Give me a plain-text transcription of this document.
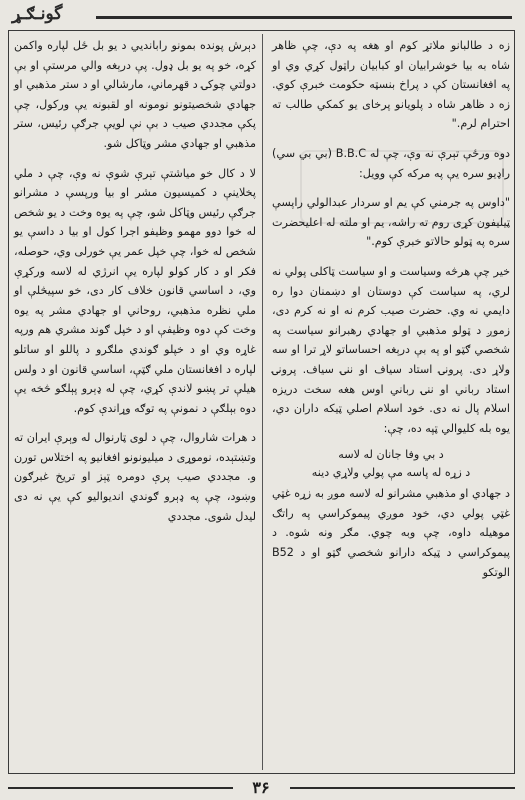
گونـګـړ

زه د طالبانو ملاتړ کوم او هغه په دې، چې ظاهر شاه به بیا خوشرابیان او کبابیان راټول کړي وي او په افغانستان کې د پراخ بنسټه حکومت خبرې کوي. زه د ظاهر شاه د پلویانو پرخای یو کمکي طالب ته احترام لرم."

دوه ورځې تېرې نه وې، چې له B.B.C (بي بي سي) راډیو سره یې په مرکه کې وویل:

"داوس په جرمني کې یم او سردار عبدالولي راپسې ټیلیفون کړی روم ته راشه، یم او ملته له اعلیحضرت سره په ټولو حالاتو خبرې کوم."

خیر چې هرڅه وسیاست و او سیاست ټاکلی پولي نه لري، په سیاست کې دوستان او دښمنان دوا ره دایمي نه وي. حضرت صیب کرم نه او نه کرم دی، زموږ د ټولو مذهبي او جهادي رهبرانو سیاست په شخصي ګټو او په بې درېغه احساساتو لاړ ترا او سه ولاړ دی. پرونۍ استاد سیاف او ننۍ سیاف. پرونۍ استاد رباني او ننۍ رباني اوس هغه سخت دریزه اسلام پال نه دی. خود اسلام اصلي ټیکه داران دي، یوه بله کلیوالي ټپه ده، چې:

د بي وفا جانان له لاسه

د زړه له پاسه مې پولي ولاړي دینه

د جهادي او مذهبي مشرانو له لاسه موږ به زړه غټي غټي پولي دي، خود موږي پیموکراسي په راتګ موهیله داوه، چې وبه چوي. مګر ونه شوه. د پیموکراسي د ټیکه دارانو شخصي ګټو او د B52 الوتکو

دېرش پونده بمونو رابانديي د یو بل ځل لپاره واکمن کړه، خو په یو بل ډول. پې درېغه والي مرستې او بې دولتي چوکۍ د قهرماني، مارشالي او د ستر مذهبي او جهادي شخصیتونو نومونه او لقبونه یې ورکول، چې پکې مجددي صیب د بې نې لویې جرګې رئیس، ستر مذهبي او جهادي مشر وټاکل شو.

لا د کال خو میاشتې تېرې شوې نه وې، چې د ملي پخلاینې د کمیسیون مشر او بیا ورپسې د مشرانو جرګې رئیس وټاکل شو، چې په یوه وخت د یو شخص له خوا دوو مهمو وظیفو اجرا کول او بیا د داسې یو شخص له خوا، چې خپل عمر یې خورلی وي، حوصله، فکر او د کار کولو لپاره یې انرژي له لاسه ورکړې وي، د اساسي قانون خلاف کار دی، خو سپیڅلې او ملي نظره مذهبي، روحاني او جهادي مشر په یوه وخت کې دوه وظیفې او د خپل ګوند مشري هم ورپه غاړه وي او د خپلو ګوندي ملګرو د پاللو او ساتلو لپاره د افغانستان ملي ګټې، اساسي قانون او د ولس هیلې تر پښو لاندې کړي، چې له ډېرو پېلګو څخه یې دوه بېلګې د نمونې په توګه وړاندې کوم.

د هرات شاروال، چې د لوی ټارنوال له وېرې ایران ته وتښتېده، نوموړی د میلیونونو افغانیو په اختلاس تورن و. مجددي صیب پرې دومره ټېز او تریخ غبرګون وښود، چې په ډېرو ګوندي اندیوالیو کې یې نه دی لیدل شوی. مجددي

۳۶
